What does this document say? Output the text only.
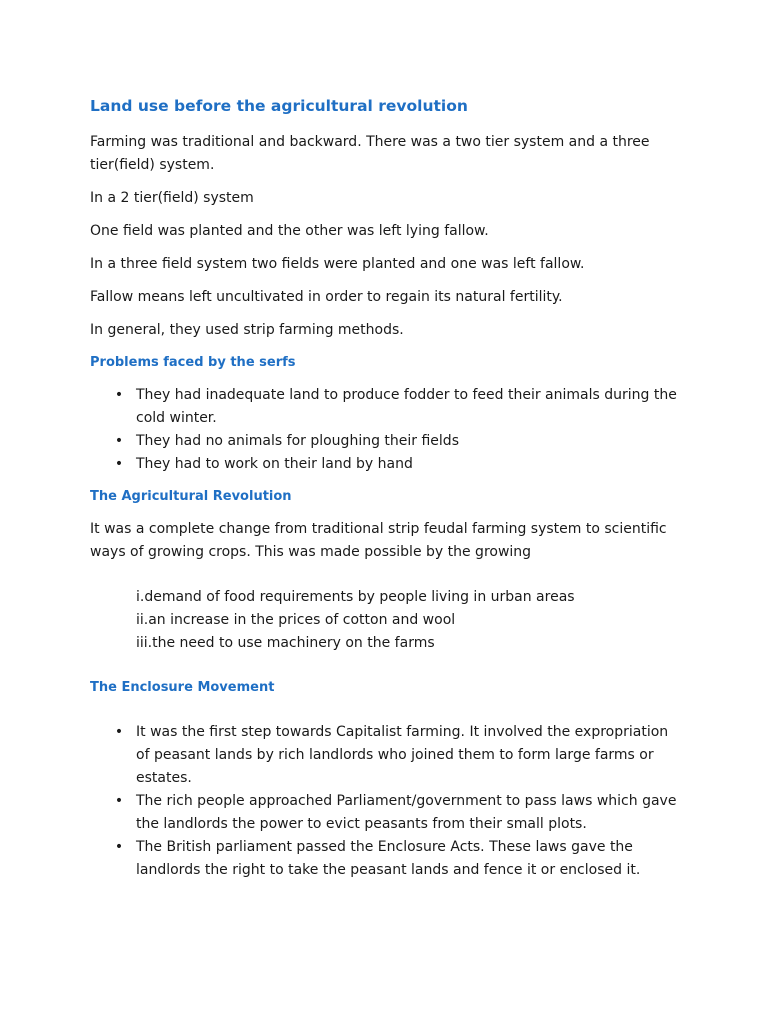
Land use before the agricultural revolution

Farming was traditional and backward. There was a two tier system and a three tier(field) system.

In a 2 tier(field) system

One field was planted and the other was left lying fallow.

In a three field system two fields were planted and one was left fallow.

Fallow means left uncultivated in order to regain its natural fertility.

In general, they used strip farming methods.

Problems faced by the serfs
• They had inadequate land to produce fodder to feed their animals during the cold winter.
• They had no animals for ploughing their fields
• They had to work on their land by hand
The Agricultural Revolution

It was a complete change from traditional strip feudal farming system to scientific ways of growing crops. This was made possible by the growing

i.demand of food requirements by people living in urban areas
ii.an increase in the prices of cotton and wool
iii.the need to use machinery on the farms
The Enclosure Movement
• It was the first step towards Capitalist farming. It involved the expropriation of peasant lands by rich landlords who joined them to form large farms or estates.
• The rich people approached Parliament/government to pass laws which gave the landlords the power to evict peasants from their small plots.
• The British parliament passed the Enclosure Acts. These laws gave the landlords the right to take the peasant lands and fence it or enclosed it.
